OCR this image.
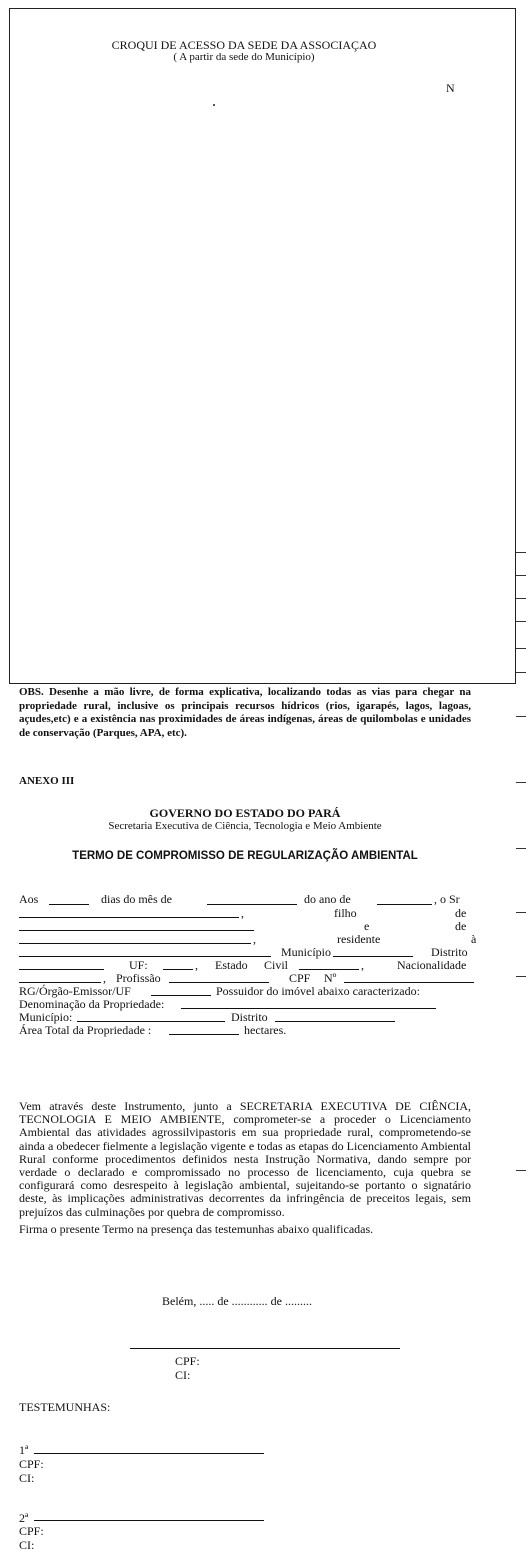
CROQUI DE ACESSO DA SEDE DA ASSOCIAÇAO
( A partir da sede do Município)
N
OBS. Desenhe a mão livre, de forma explicativa, localizando todas as vias para chegar na propriedade rural, inclusive os principais recursos hídricos (rios, igarapés, lagos, lagoas, açudes,etc) e a existência nas proximidades de áreas indígenas, áreas de quilombolas e unidades de conservação (Parques, APA, etc).
ANEXO III
GOVERNO DO ESTADO DO PARÁ
Secretaria Executiva de Ciência, Tecnologia e Meio Ambiente
TERMO DE COMPROMISSO DE REGULARIZAÇÃO AMBIENTAL
Aos	dias do mês de	do ano de	, o Sr
,	filho	de
e	de
,	residente	à
Município	Distrito
UF:	, Estado Civil	,	Nacionalidade
, Profissão	CPF Nº
RG/Órgão-Emissor/UF	Possuidor do imóvel abaixo caracterizado:
Denominação da Propriedade:
Município:	Distrito
Área Total da Propriedade :	hectares.
Vem através deste Instrumento, junto a SECRETARIA EXECUTIVA DE CIÊNCIA, TECNOLOGIA E MEIO AMBIENTE, comprometer-se a proceder o Licenciamento Ambiental das atividades agrossilvipastoris em sua propriedade rural, comprometendo-se ainda a obedecer fielmente a legislação vigente e todas as etapas do Licenciamento Ambiental Rural conforme procedimentos definidos nesta Instrução Normativa, dando sempre por verdade o declarado e compromissado no processo de licenciamento, cuja quebra se configurará como desrespeito à legislação ambiental, sujeitando-se portanto o signatário deste, às implicações administrativas decorrentes da infringência de preceitos legais, sem prejuízos das culminações por quebra de compromisso.
Firma o presente Termo na presença das testemunhas abaixo qualificadas.
Belém, ..... de ............ de .........
CPF:
CI:
TESTEMUNHAS:
1ª
CPF:
CI:
2ª
CPF:
CI:
